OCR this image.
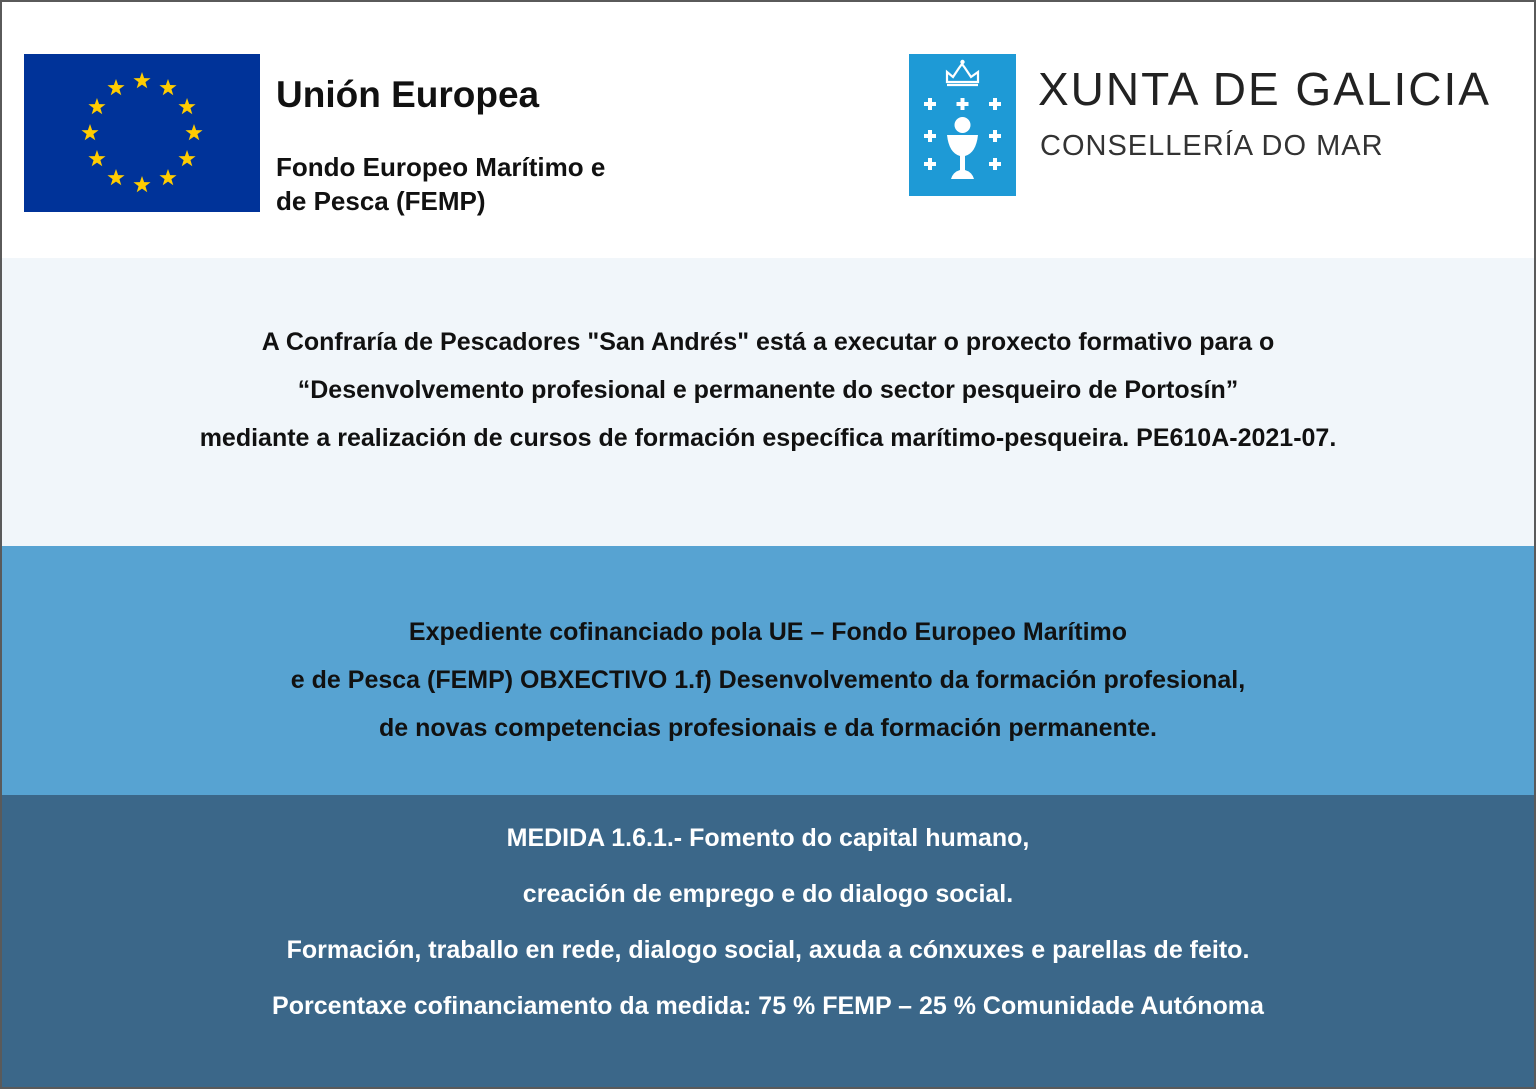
Unión Europea
Fondo Europeo Marítimo e
de Pesca (FEMP)
XUNTA DE GALICIA
CONSELLERÍA DO MAR
A Confraría de Pescadores "San Andrés" está a executar o proxecto formativo para o
“Desenvolvemento profesional e permanente do sector pesqueiro de Portosín”
mediante a realización de cursos de formación específica marítimo-pesqueira. PE610A-2021-07.
Expediente cofinanciado pola UE – Fondo Europeo Marítimo
e de Pesca (FEMP) OBXECTIVO 1.f) Desenvolvemento da formación profesional,
de novas competencias profesionais e da formación permanente.
MEDIDA 1.6.1.- Fomento do capital humano,
creación de emprego e do dialogo social.
Formación, traballo en rede, dialogo social, axuda a cónxuxes e parellas de feito.
Porcentaxe cofinanciamento da medida: 75 % FEMP – 25 % Comunidade Autónoma
